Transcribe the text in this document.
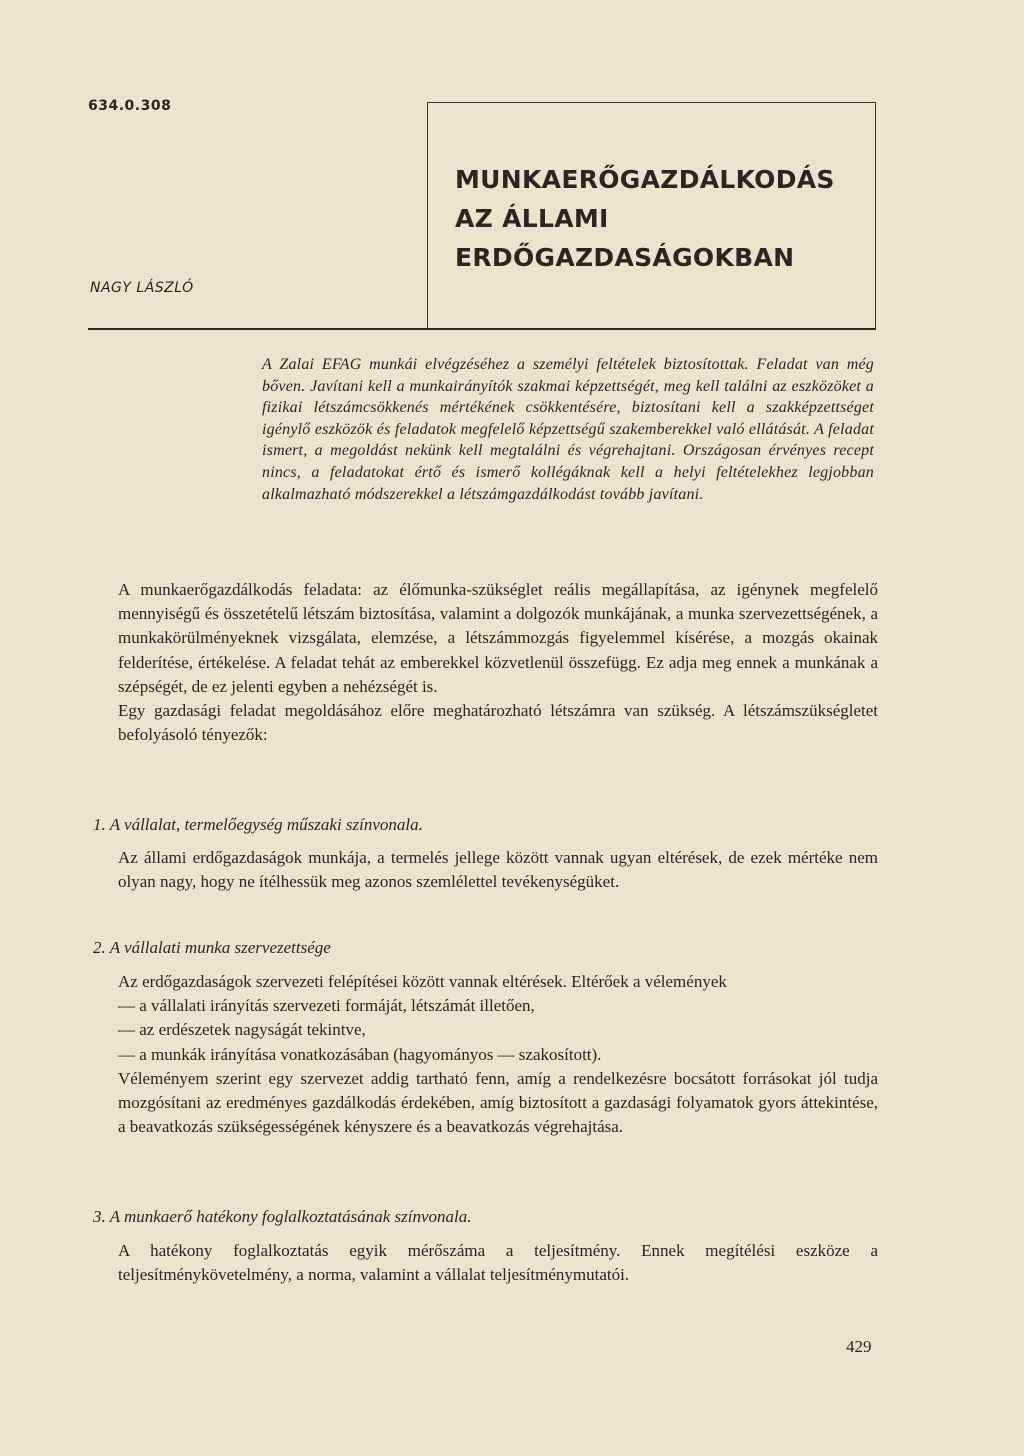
634.0.308
MUNKAERŐGAZDÁLKODÁS
AZ ÁLLAMI
ERDŐGAZDASÁGOKBAN
NAGY LÁSZLÓ
A Zalai EFAG munkái elvégzéséhez a személyi feltételek biztosítottak. Feladat van még bőven. Javítani kell a munkairányítók szakmai képzettségét, meg kell találni az eszközöket a fizikai létszámcsökkenés mértékének csökkentésére, biztosítani kell a szakképzettséget igénylő eszközök és feladatok megfelelő képzettségű szakemberekkel való ellátását. A feladat ismert, a megoldást nekünk kell megtalálni és végrehajtani. Országosan érvényes recept nincs, a feladatokat értő és ismerő kollégáknak kell a helyi feltételekhez legjobban alkalmazható módszerekkel a létszámgazdálkodást tovább javítani.

A munkaerőgazdálkodás feladata: az élőmunka-szükséglet reális megállapítása, az igénynek megfelelő mennyiségű és összetételű létszám biztosítása, valamint a dolgozók munkájának, a munka szervezettségének, a munkakörülményeknek vizsgálata, elemzése, a létszámmozgás figyelemmel kísérése, a mozgás okainak felderítése, értékelése. A feladat tehát az emberekkel közvetlenül összefügg. Ez adja meg ennek a munkának a szépségét, de ez jelenti egyben a nehézségét is.

Egy gazdasági feladat megoldásához előre meghatározható létszámra van szükség. A létszámszükségletet befolyásoló tényezők:

1. A vállalat, termelőegység műszaki színvonala.

Az állami erdőgazdaságok munkája, a termelés jellege között vannak ugyan eltérések, de ezek mértéke nem olyan nagy, hogy ne ítélhessük meg azonos szemlélettel tevékenységüket.

2. A vállalati munka szervezettsége

Az erdőgazdaságok szervezeti felépítései között vannak eltérések. Eltérőek a vélemények

— a vállalati irányítás szervezeti formáját, létszámát illetően,

— az erdészetek nagyságát tekintve,

— a munkák irányítása vonatkozásában (hagyományos — szakosított).

Véleményem szerint egy szervezet addig tartható fenn, amíg a rendelkezésre bocsátott forrásokat jól tudja mozgósítani az eredményes gazdálkodás érdekében, amíg biztosított a gazdasági folyamatok gyors áttekintése, a beavatkozás szükségességének kényszere és a beavatkozás végrehajtása.

3. A munkaerő hatékony foglalkoztatásának színvonala.

A hatékony foglalkoztatás egyik mérőszáma a teljesítmény. Ennek megítélési eszköze a teljesítménykövetelmény, a norma, valamint a vállalat teljesítménymutatói.

429
